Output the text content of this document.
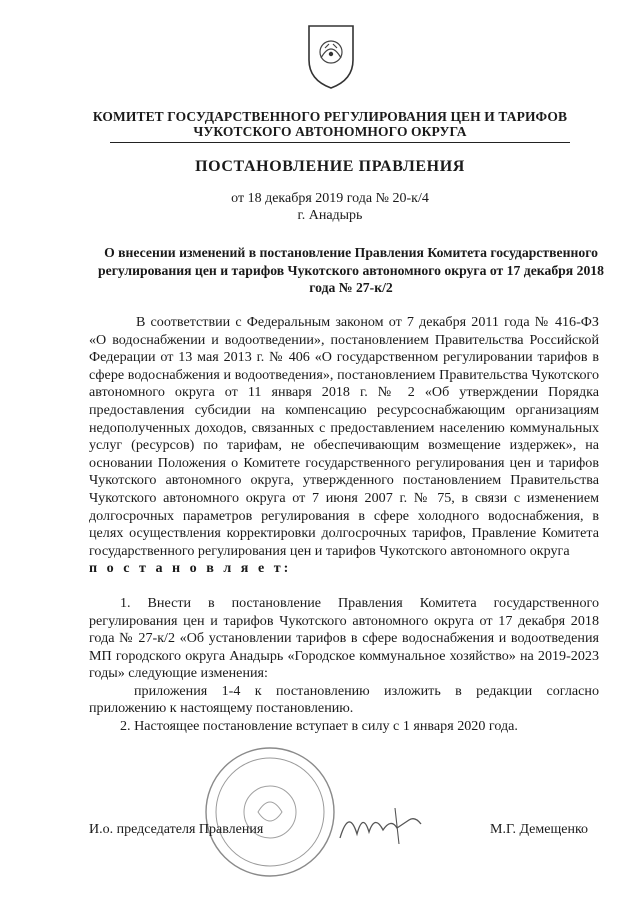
КОМИТЕТ ГОСУДАРСТВЕННОГО РЕГУЛИРОВАНИЯ ЦЕН И ТАРИФОВ
ЧУКОТСКОГО АВТОНОМНОГО ОКРУГА
ПОСТАНОВЛЕНИЕ ПРАВЛЕНИЯ
от 18 декабря 2019 года № 20-к/4
г. Анадырь
О внесении изменений в постановление Правления Комитета государственного регулирования цен и тарифов Чукотского автономного округа от 17 декабря 2018 года № 27-к/2

В соответствии с Федеральным законом от 7 декабря 2011 года № 416-ФЗ «О водоснабжении и водоотведении», постановлением Правительства Российской Федерации от 13 мая 2013 г. № 406 «О государственном регулировании тарифов в сфере водоснабжения и водоотведения», постановлением Правительства Чукотского автономного округа от 11 января 2018 г. № 2 «Об утверждении Порядка предоставления субсидии на компенсацию ресурсоснабжающим организациям недополученных доходов, связанных с предоставлением населению коммунальных услуг (ресурсов) по тарифам, не обеспечивающим возмещение издержек», на основании Положения о Комитете государственного регулирования цен и тарифов Чукотского автономного округа, утвержденного постановлением Правительства Чукотского автономного округа от 7 июня 2007 г. № 75, в связи с изменением долгосрочных параметров регулирования в сфере холодного водоснабжения, в целях осуществления корректировки долгосрочных тарифов, Правление Комитета государственного регулирования цен и тарифов Чукотского автономного округа

п о с т а н о в л я е т:

1. Внести в постановление Правления Комитета государственного регулирования цен и тарифов Чукотского автономного округа от 17 декабря 2018 года № 27-к/2 «Об установлении тарифов в сфере водоснабжения и водоотведения МП городского округа Анадырь «Городское коммунальное хозяйство» на 2019-2023 годы» следующие изменения:

приложения 1-4 к постановлению изложить в редакции согласно приложению к настоящему постановлению.

2. Настоящее постановление вступает в силу с 1 января 2020 года.

И.о. председателя Правления	М.Г. Демещенко
